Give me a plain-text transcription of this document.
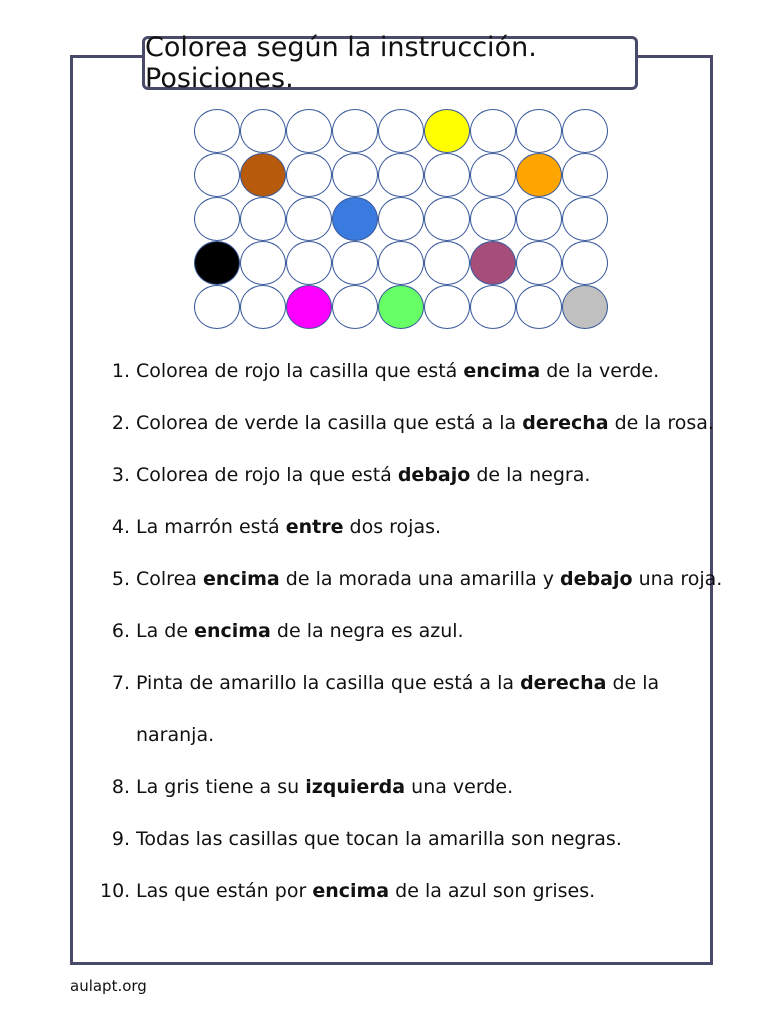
Colorea según la instrucción. Posiciones.
1. Colorea de rojo la casilla que está encima de la verde.
2. Colorea de verde la casilla que está a la derecha de la rosa.
3. Colorea de rojo la que está debajo de la negra.
4. La marrón está entre dos rojas.
5. Colrea encima de la morada una amarilla y debajo una roja.
6. La de encima de la negra es azul.
7. Pinta de amarillo la casilla que está a la derecha de la
naranja.
8. La gris tiene a su izquierda una verde.
9. Todas las casillas que tocan la amarilla son negras.
10. Las que están por encima de la azul son grises.
aulapt.org
